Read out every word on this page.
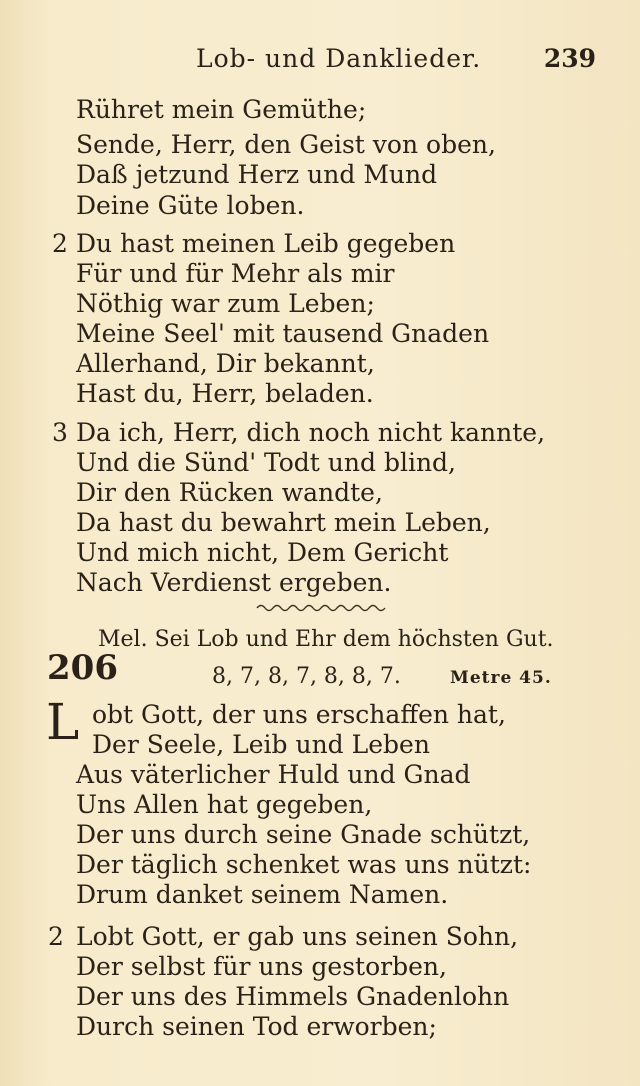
Lob- und Danklieder.	239
Rühret mein Gemüthe;
Sende, Herr, den Geist von oben,
Daß jetzund Herz und Mund
Deine Güte loben.
2 Du hast meinen Leib gegeben
Für und für Mehr als mir
Nöthig war zum Leben;
Meine Seel' mit tausend Gnaden
Allerhand, Dir bekannt,
Hast du, Herr, beladen.
3 Da ich, Herr, dich noch nicht kannte,
Und die Sünd' Todt und blind,
Dir den Rücken wandte,
Da hast du bewahrt mein Leben,
Und mich nicht, Dem Gericht
Nach Verdienst ergeben.
Mel. Sei Lob und Ehr dem höchsten Gut.
206	8, 7, 8, 7, 8, 8, 7.	Metre 45.
L obt Gott, der uns erschaffen hat,
Der Seele, Leib und Leben
Aus väterlicher Huld und Gnad
Uns Allen hat gegeben,
Der uns durch seine Gnade schützt,
Der täglich schenket was uns nützt:
Drum danket seinem Namen.
2 Lobt Gott, er gab uns seinen Sohn,
Der selbst für uns gestorben,
Der uns des Himmels Gnadenlohn
Durch seinen Tod erworben;
